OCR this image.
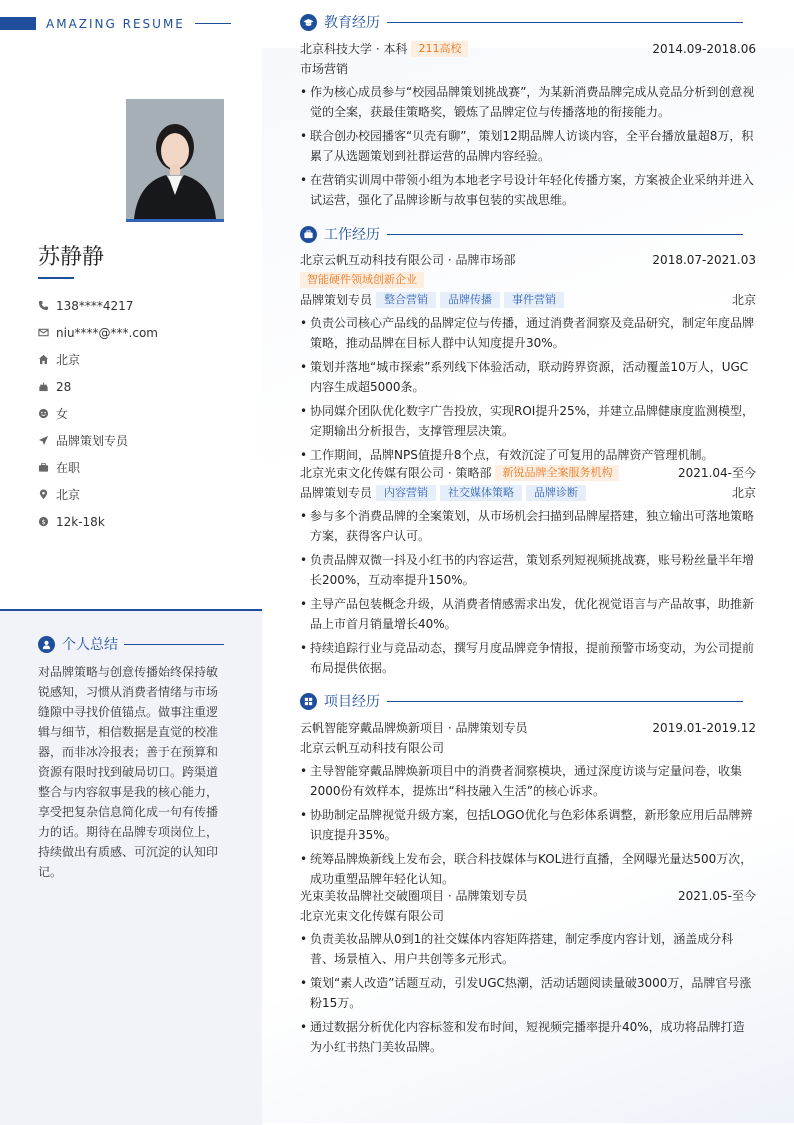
AMAZING RESUME
苏静静
138****4217
niu****@***.com
北京
28
女
品牌策划专员
在职
北京
$ 12k-18k
个人总结
对品牌策略与创意传播始终保持敏锐感知，习惯从消费者情绪与市场缝隙中寻找价值锚点。做事注重逻辑与细节，相信数据是直觉的校准器，而非冰冷报表；善于在预算和资源有限时找到破局切口。跨渠道整合与内容叙事是我的核心能力，享受把复杂信息简化成一句有传播力的话。期待在品牌专项岗位上，持续做出有质感、可沉淀的认知印记。
教育经历
北京科技大学 · 本科	211高校	2014.09-2018.06
市场营销
• 作为核心成员参与“校园品牌策划挑战赛”，为某新消费品牌完成从竞品分析到创意视觉的全案，获最佳策略奖，锻炼了品牌定位与传播落地的衔接能力。
• 联合创办校园播客“贝壳有聊”，策划12期品牌人访谈内容，全平台播放量超8万，积累了从选题策划到社群运营的品牌内容经验。
• 在营销实训周中带领小组为本地老字号设计年轻化传播方案，方案被企业采纳并进入试运营，强化了品牌诊断与故事包装的实战思维。
工作经历
北京云帆互动科技有限公司 · 品牌市场部	2018.07-2021.03
智能硬件领域创新企业
品牌策划专员	整合营销	品牌传播	事件营销	北京
• 负责公司核心产品线的品牌定位与传播，通过消费者洞察及竞品研究，制定年度品牌策略，推动品牌在目标人群中认知度提升30%。
• 策划并落地“城市探索”系列线下体验活动，联动跨界资源，活动覆盖10万人，UGC内容生成超5000条。
• 协同媒介团队优化数字广告投放，实现ROI提升25%，并建立品牌健康度监测模型，定期输出分析报告，支撑管理层决策。
• 工作期间，品牌NPS值提升8个点，有效沉淀了可复用的品牌资产管理机制。
北京光束文化传媒有限公司 · 策略部	新锐品牌全案服务机构	2021.04-至今
品牌策划专员	内容营销	社交媒体策略	品牌诊断	北京
• 参与多个消费品牌的全案策划，从市场机会扫描到品牌屋搭建，独立输出可落地策略方案，获得客户认可。
• 负责品牌双微一抖及小红书的内容运营，策划系列短视频挑战赛，账号粉丝量半年增长200%，互动率提升150%。
• 主导产品包装概念升级，从消费者情感需求出发，优化视觉语言与产品故事，助推新品上市首月销量增长40%。
• 持续追踪行业与竞品动态，撰写月度品牌竞争情报，提前预警市场变动，为公司提前布局提供依据。
项目经历
云帆智能穿戴品牌焕新项目 · 品牌策划专员	2019.01-2019.12
北京云帆互动科技有限公司
• 主导智能穿戴品牌焕新项目中的消费者洞察模块，通过深度访谈与定量问卷，收集2000份有效样本，提炼出“科技融入生活”的核心诉求。
• 协助制定品牌视觉升级方案，包括LOGO优化与色彩体系调整，新形象应用后品牌辨识度提升35%。
• 统筹品牌焕新线上发布会，联合科技媒体与KOL进行直播，全网曝光量达500万次，成功重塑品牌年轻化认知。
光束美妆品牌社交破圈项目 · 品牌策划专员	2021.05-至今
北京光束文化传媒有限公司
• 负责美妆品牌从0到1的社交媒体内容矩阵搭建，制定季度内容计划，涵盖成分科普、场景植入、用户共创等多元形式。
• 策划“素人改造”话题互动，引发UGC热潮，活动话题阅读量破3000万，品牌官号涨粉15万。
• 通过数据分析优化内容标签和发布时间，短视频完播率提升40%，成功将品牌打造为小红书热门美妆品牌。
